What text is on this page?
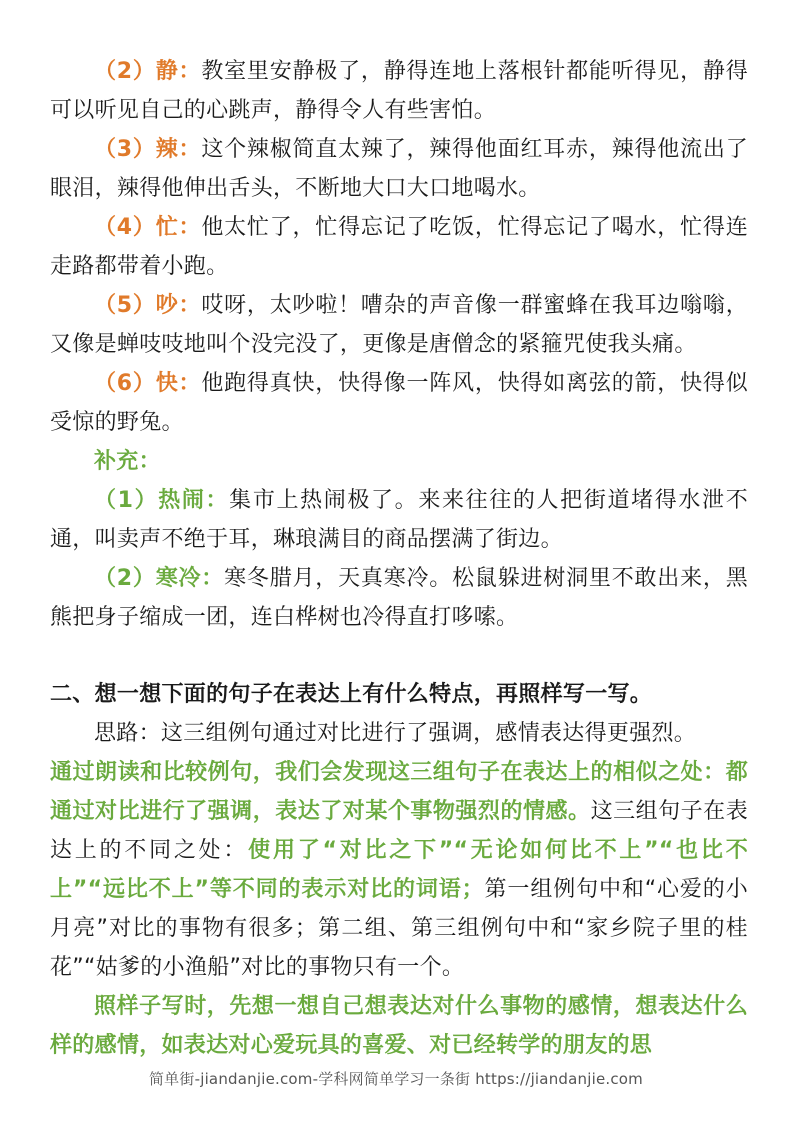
（2）静：教室里安静极了，静得连地上落根针都能听得见，静得可以听见自己的心跳声，静得令人有些害怕。

（3）辣：这个辣椒简直太辣了，辣得他面红耳赤，辣得他流出了眼泪，辣得他伸出舌头，不断地大口大口地喝水。

（4）忙：他太忙了，忙得忘记了吃饭，忙得忘记了喝水，忙得连走路都带着小跑。

（5）吵：哎呀，太吵啦！嘈杂的声音像一群蜜蜂在我耳边嗡嗡，又像是蝉吱吱地叫个没完没了，更像是唐僧念的紧箍咒使我头痛。

（6）快：他跑得真快，快得像一阵风，快得如离弦的箭，快得似受惊的野兔。

补充：

（1）热闹：集市上热闹极了。来来往往的人把街道堵得水泄不通，叫卖声不绝于耳，琳琅满目的商品摆满了街边。

（2）寒冷：寒冬腊月，天真寒冷。松鼠躲进树洞里不敢出来，黑熊把身子缩成一团，连白桦树也冷得直打哆嗦。

二、想一想下面的句子在表达上有什么特点，再照样写一写。

思路：这三组例句通过对比进行了强调，感情表达得更强烈。

通过朗读和比较例句，我们会发现这三组句子在表达上的相似之处：都通过对比进行了强调，表达了对某个事物强烈的情感。这三组句子在表达上的不同之处：使用了“对比之下”“无论如何比不上”“也比不上”“远比不上”等不同的表示对比的词语；第一组例句中和“心爱的小月亮”对比的事物有很多；第二组、第三组例句中和“家乡院子里的桂花”“姑爹的小渔船”对比的事物只有一个。

照样子写时，先想一想自己想表达对什么事物的感情，想表达什么样的感情，如表达对心爱玩具的喜爱、对已经转学的朋友的思

简单街-jiandanjie.com-学科网简单学习一条街 https://jiandanjie.com
